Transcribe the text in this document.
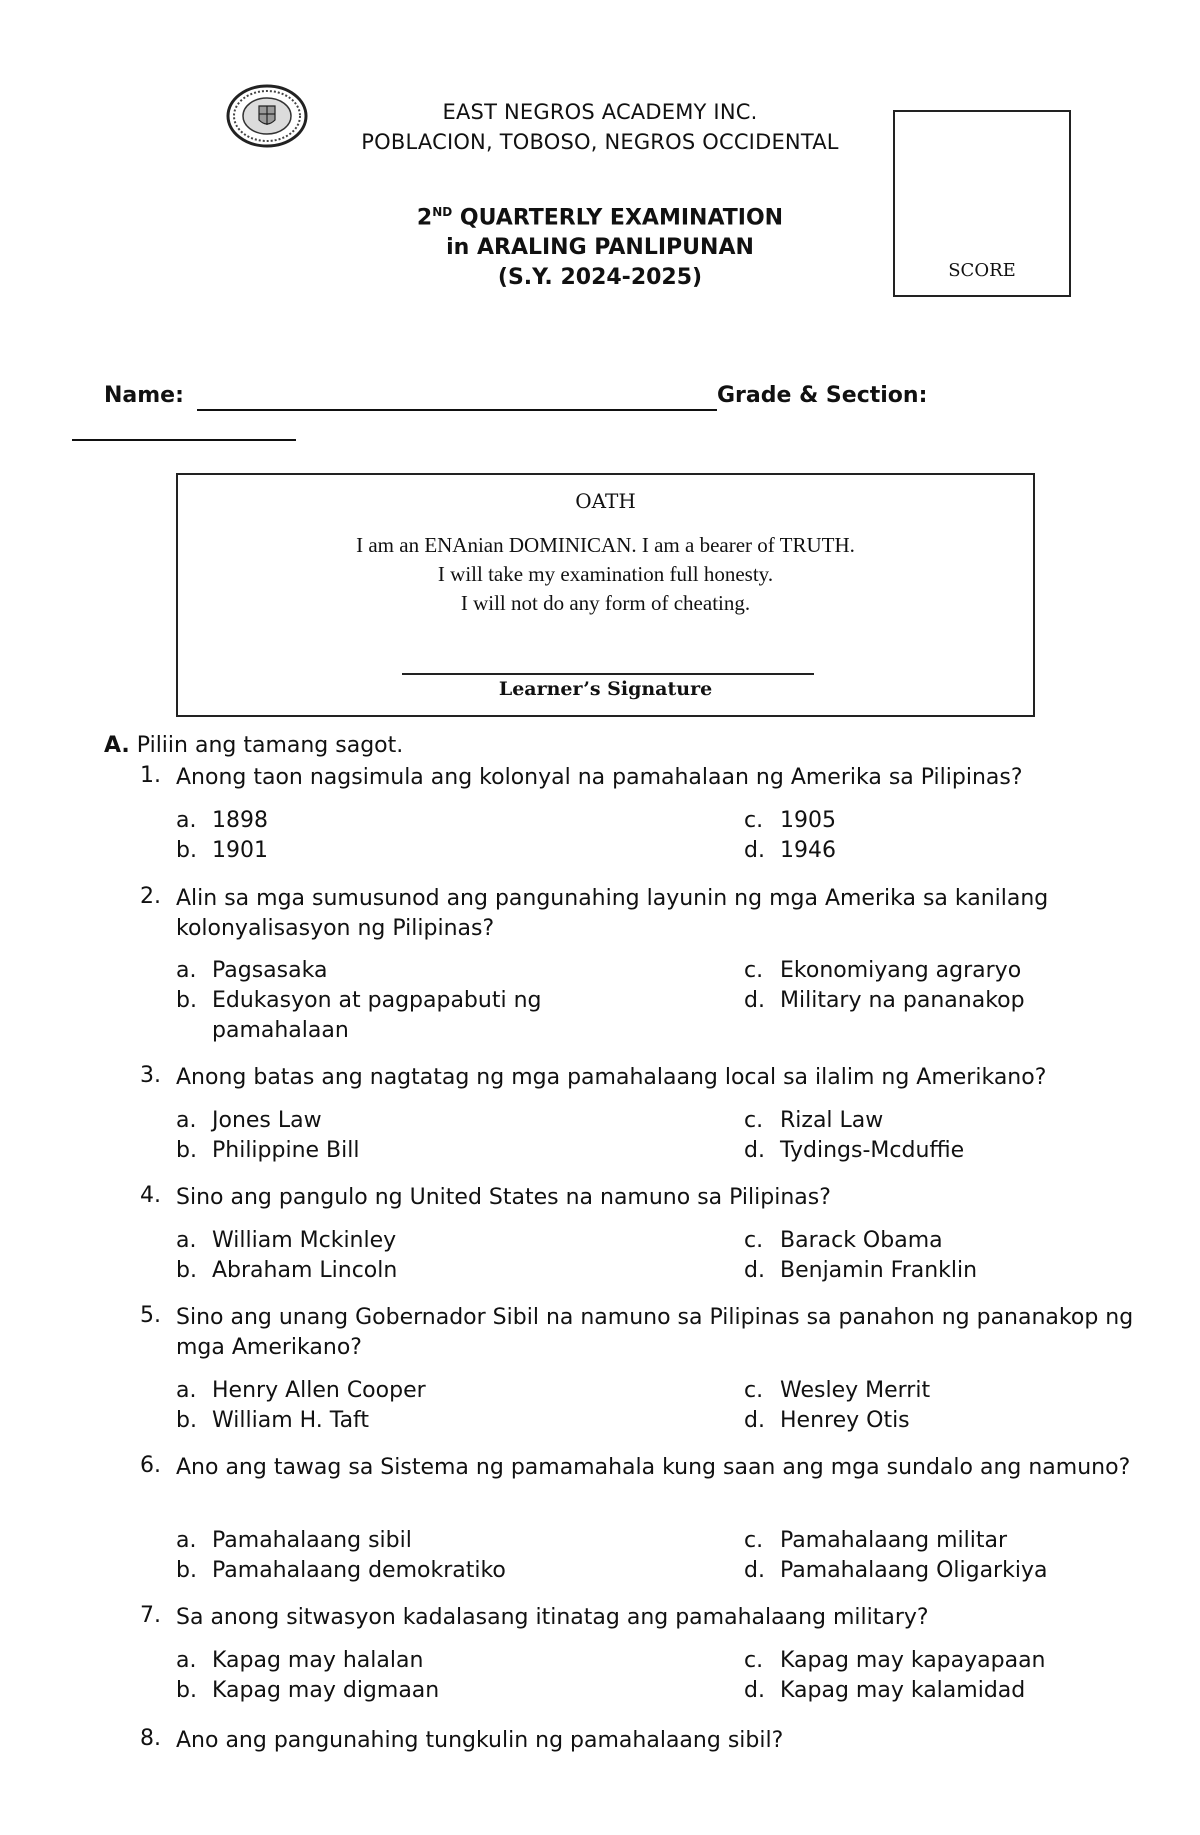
EAST NEGROS ACADEMY INC.
POBLACION, TOBOSO, NEGROS OCCIDENTAL
2ND QUARTERLY EXAMINATION
in ARALING PANLIPUNAN
(S.Y. 2024-2025)	SCORE
Name:	Grade & Section:
OATH
I am an ENAnian DOMINICAN. I am a bearer of TRUTH.
I will take my examination full honesty.
I will not do any form of cheating.
Learner’s Signature
A. Piliin ang tamang sagot.
1. Anong taon nagsimula ang kolonyal na pamahalaan ng Amerika sa Pilipinas?
a. 1898
b. 1901
c. 1905
d. 1946
2. Alin sa mga sumusunod ang pangunahing layunin ng mga Amerika sa kanilang kolonyalisasyon ng Pilipinas?
a. Pagsasaka
b. Edukasyon at pagpapabuti ng
pamahalaan
c. Ekonomiyang agraryo
d. Military na pananakop
3. Anong batas ang nagtatag ng mga pamahalaang local sa ilalim ng Amerikano?
a. Jones Law
b. Philippine Bill
c. Rizal Law
d. Tydings-Mcduffie
4. Sino ang pangulo ng United States na namuno sa Pilipinas?
a. William Mckinley
b. Abraham Lincoln
c. Barack Obama
d. Benjamin Franklin
5. Sino ang unang Gobernador Sibil na namuno sa Pilipinas sa panahon ng pananakop ng mga Amerikano?
a. Henry Allen Cooper
b. William H. Taft
c. Wesley Merrit
d. Henrey Otis
6. Ano ang tawag sa Sistema ng pamamahala kung saan ang mga sundalo ang namuno?
a. Pamahalaang sibil
b. Pamahalaang demokratiko
c. Pamahalaang militar
d. Pamahalaang Oligarkiya
7. Sa anong sitwasyon kadalasang itinatag ang pamahalaang military?
a. Kapag may halalan
b. Kapag may digmaan
c. Kapag may kapayapaan
d. Kapag may kalamidad
8. Ano ang pangunahing tungkulin ng pamahalaang sibil?
